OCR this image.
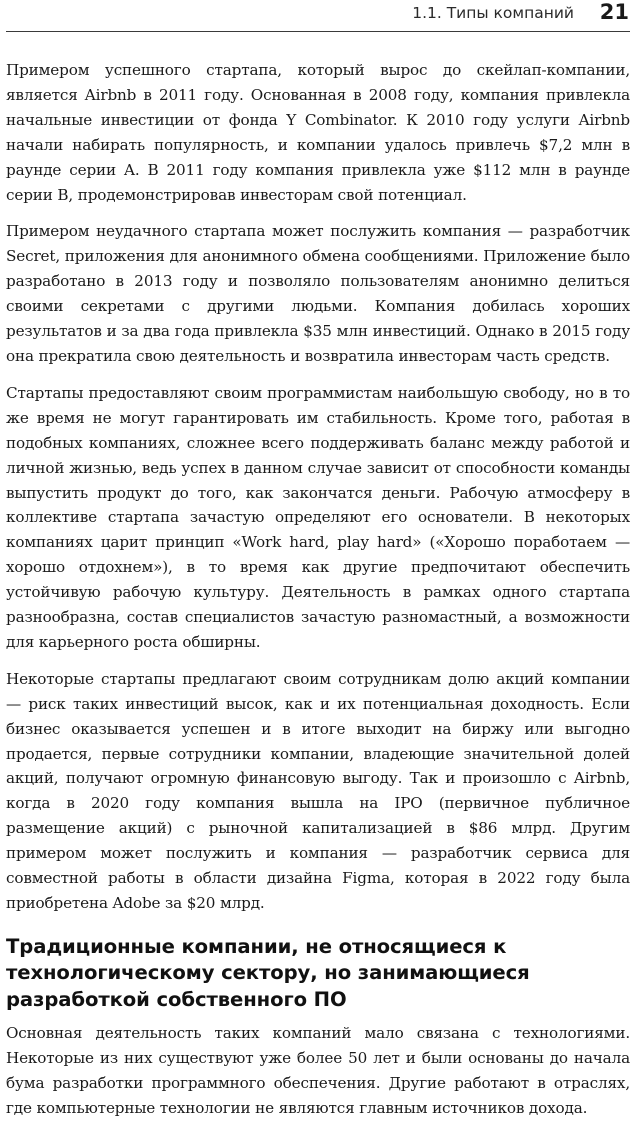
1.1. Типы компаний 21

Примером успешного стартапа, который вырос до скейлап-компании, является Airbnb в 2011 году. Основанная в 2008 году, компания привлекла начальные инвестиции от фонда Y Combinator. К 2010 году услуги Airbnb начали набирать популярность, и компании удалось привлечь $7,2 млн в раунде серии A. В 2011 году компания привлекла уже $112 млн в раунде серии B, продемонстрировав инвесторам свой потенциал.

Примером неудачного стартапа может послужить компания — разработчик Secret, приложения для анонимного обмена сообщениями. Приложение было разработано в 2013 году и позволяло пользователям анонимно делиться своими секретами с другими людьми. Компания добилась хороших результатов и за два года привлекла $35 млн инвестиций. Однако в 2015 году она прекратила свою деятельность и возвратила инвесторам часть средств.

Стартапы предоставляют своим программистам наибольшую свободу, но в то же время не могут гарантировать им стабильность. Кроме того, работая в подобных компаниях, сложнее всего поддерживать баланс между работой и личной жизнью, ведь успех в данном случае зависит от способности команды выпустить продукт до того, как закончатся деньги. Рабочую атмосферу в коллективе стартапа зачастую определяют его основатели. В некоторых компаниях царит принцип «Work hard, play hard» («Хорошо поработаем — хорошо отдохнем»), в то время как другие предпочитают обеспечить устойчивую рабочую культуру. Деятельность в рамках одного стартапа разнообразна, состав специалистов зачастую разномастный, а возможности для карьерного роста обширны.

Некоторые стартапы предлагают своим сотрудникам долю акций компании — риск таких инвестиций высок, как и их потенциальная доходность. Если бизнес оказывается успешен и в итоге выходит на биржу или выгодно продается, первые сотрудники компании, владеющие значительной долей акций, получают огромную финансовую выгоду. Так и произошло с Airbnb, когда в 2020 году компания вышла на IPO (первичное публичное размещение акций) с рыночной капитализацией в $86 млрд. Другим примером может послужить и компания — разработчик сервиса для совместной работы в области дизайна Figma, которая в 2022 году была приобретена Adobe за $20 млрд.

Традиционные компании, не относящиеся к технологическому сектору, но занимающиеся разработкой собственного ПО

Основная деятельность таких компаний мало связана с технологиями. Некоторые из них существуют уже более 50 лет и были основаны до начала бума разработки программного обеспечения. Другие работают в отраслях, где компьютерные технологии не являются главным источников дохода.
